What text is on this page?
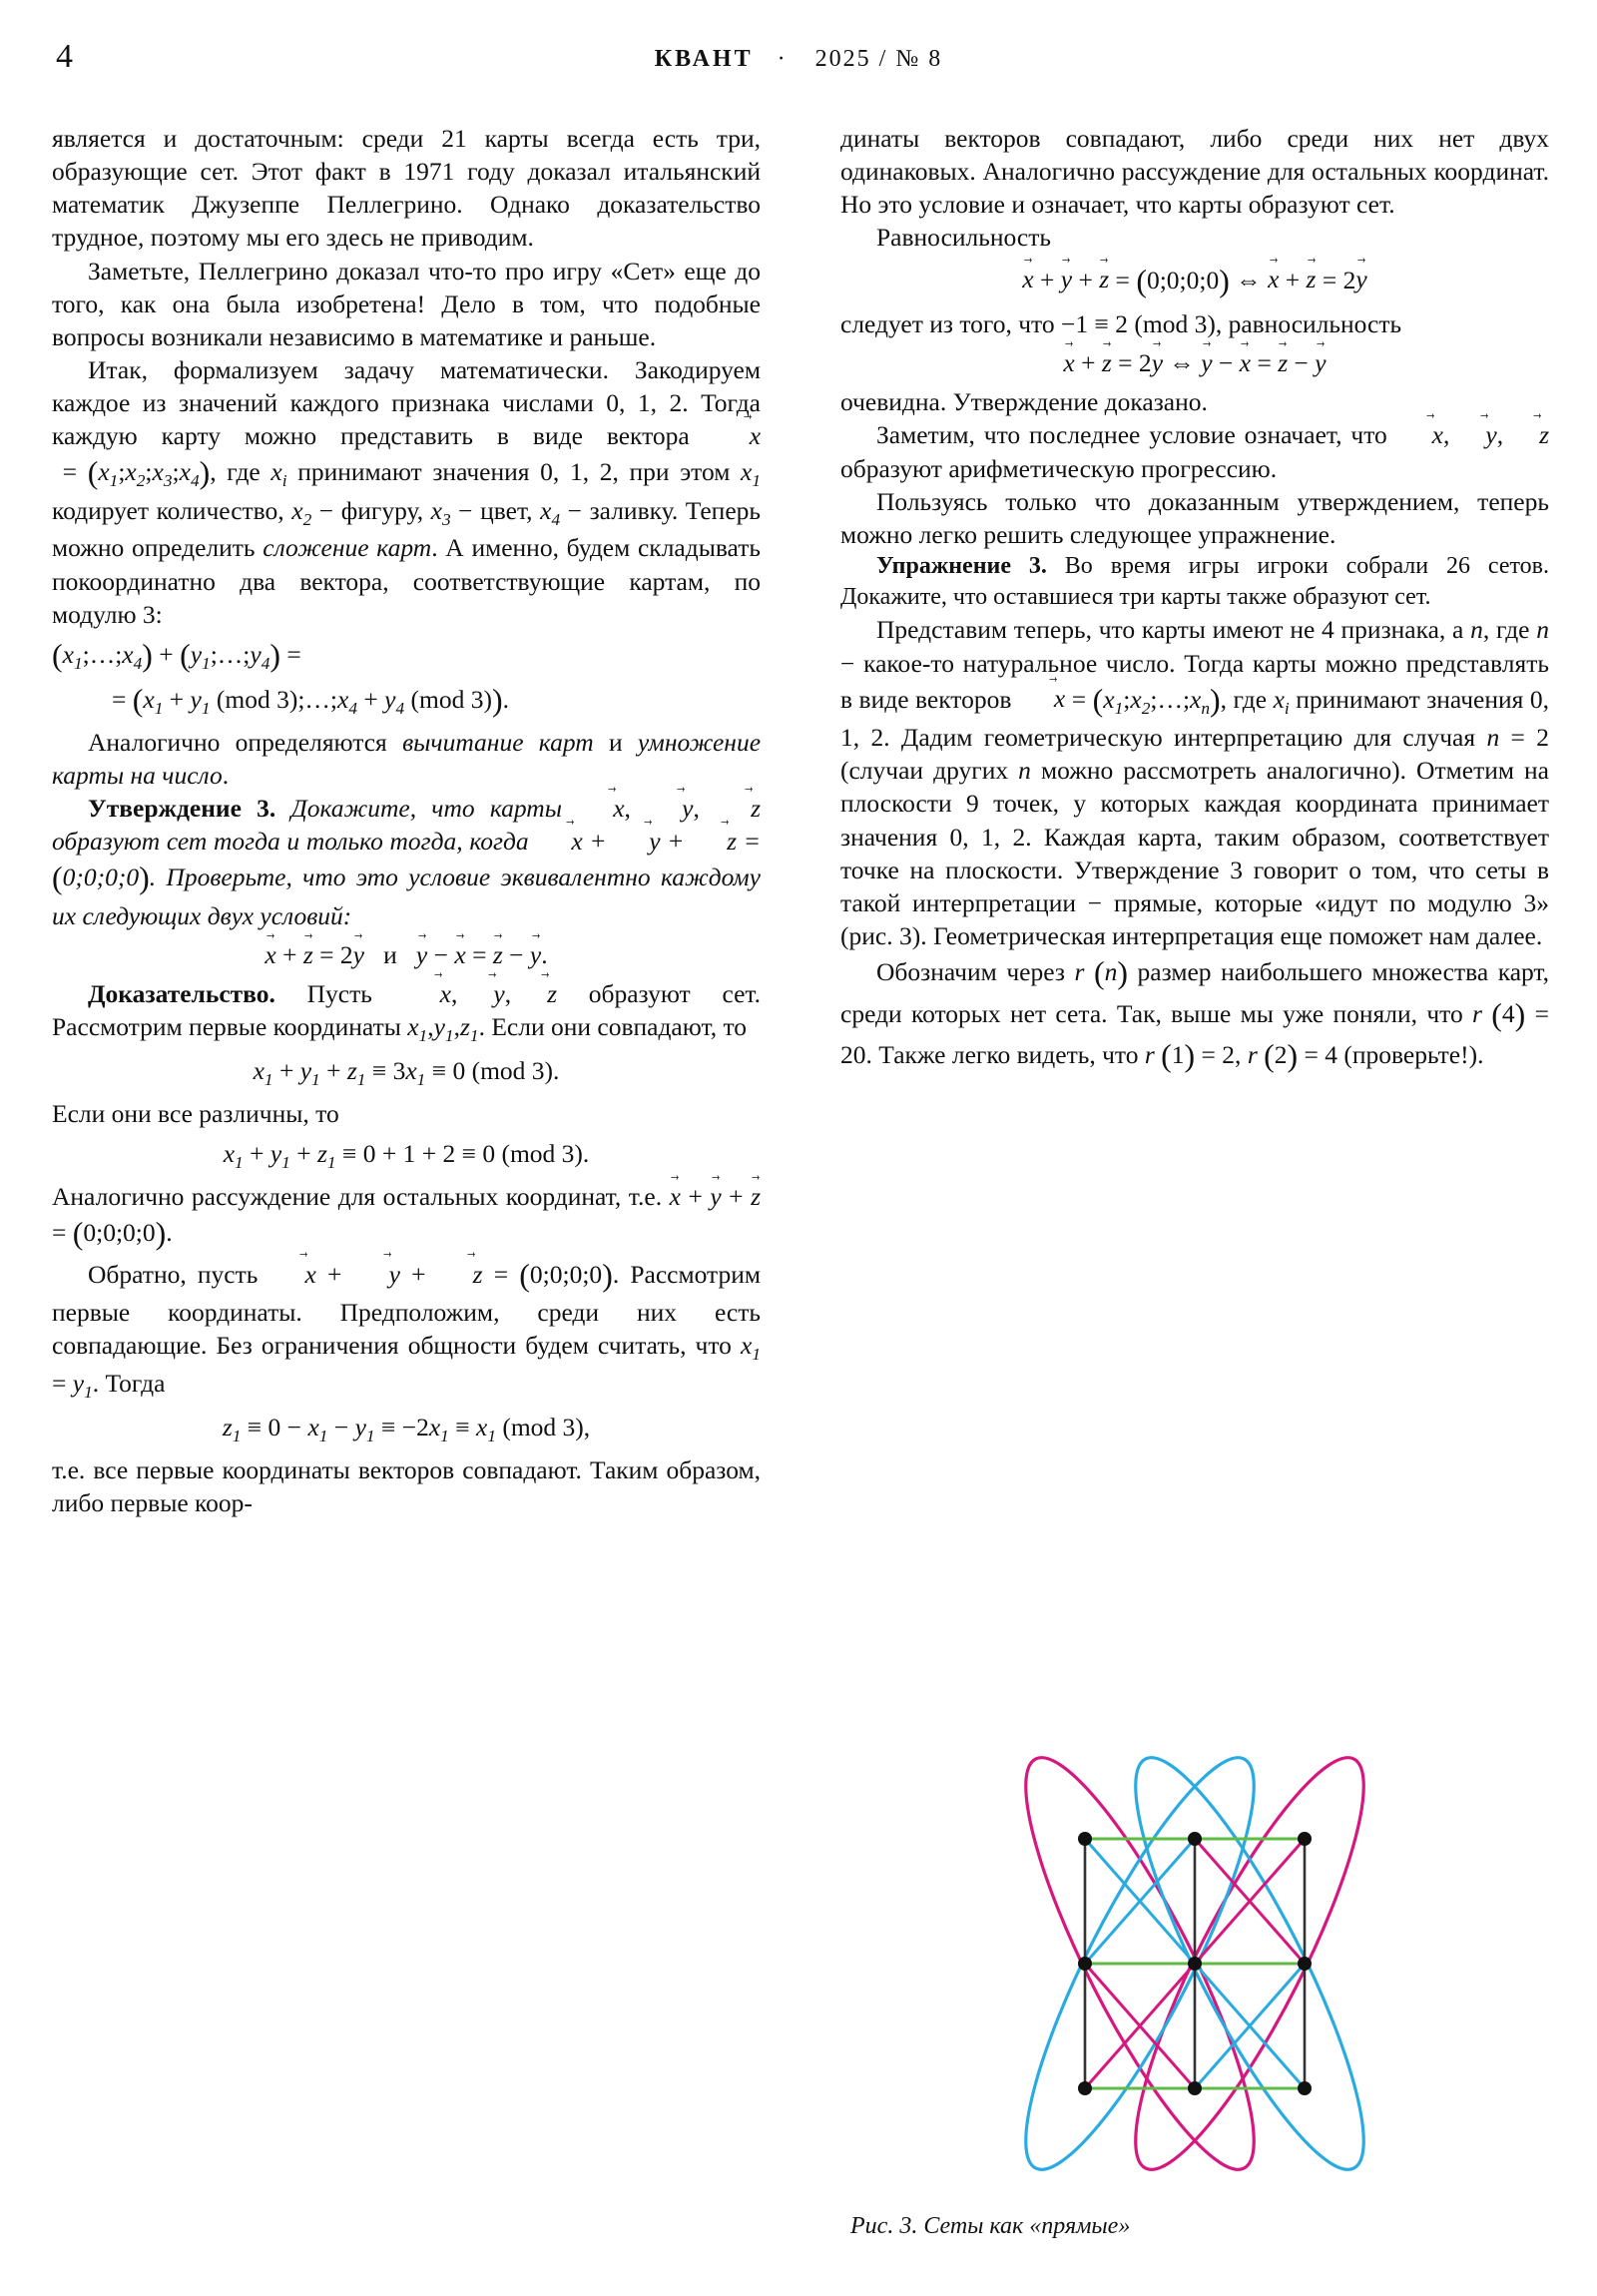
4	КВАНТ · 2025 / № 8

является и достаточным: среди 21 карты всегда есть три, образующие сет. Этот факт в 1971 году доказал итальянский математик Джузеппе Пеллегрино. Однако доказательство трудное, поэтому мы его здесь не приводим.

Заметьте, Пеллегрино доказал что-то про игру «Сет» еще до того, как она была изобретена! Дело в том, что подобные вопросы возникали независимо в математике и раньше.

Итак, формализуем задачу математически. Закодируем каждое из значений каждого признака числами 0, 1, 2. Тогда каждую карту можно представить в виде вектора x → = $(x_1;x_2;x_3;x_4)$, где $x_i$ принимают значения 0, 1, 2, при этом $x_1$ кодирует количество, $x_2$ − фигуру, $x_3$ − цвет, $x_4$ − заливку. Теперь можно определить сложение карт. А именно, будем складывать покоординатно два вектора, соответствующие картам, по модулю 3:

$(x_1;\dots;x_4)$ + $(y_1;\dots;y_4)$ =
= ($x_1 + y_1$ (mod $3);\dots;x_4 + y_4$ (mod 3)).

Аналогично определяются вычитание карт и умножение карты на число.

Утверждение 3. Докажите, что карты x →, y →, z → образуют сет тогда и только тогда, когда x → + y → + z → = (0;0;0;0). Проверьте, что это условие эквивалентно каждому их следующих двух условий:

x → + z → = 2y →   и   y → − x → = z → − y →.

Доказательство. Пусть	x →, y →, z → образуют сет. Рассмотрим первые координаты $x_1,y_1,z_1$. Если они совпадают, то

$x_1 + y_1 + z_1 \equiv 3x_1 \equiv 0$ (mod 3).

Если они все различны, то

$x_1 + y_1 + z_1 \equiv 0 + 1 + 2 \equiv 0$ (mod 3).

Аналогично рассуждение для остальных координат, т.е. x → + y → + z → = (0;0;0;0).

Обратно, пусть x → + y → + z → = (0;0;0;0). Рассмотрим первые координаты. Предположим, среди них есть совпадающие. Без ограничения общности будем считать, что $x_1 = y_1$. Тогда

$z_1 \equiv 0 - x_1 - y_1 \equiv -2x_1 \equiv x_1$ (mod 3),

т.е. все первые координаты векторов совпадают. Таким образом, либо первые коор-

динаты векторов совпадают, либо среди них нет двух одинаковых. Аналогично рассуждение для остальных координат. Но это условие и означает, что карты образуют сет.

Равносильность

x → + y → + z → = (0;0;0;0) ⇔ x → + z → = 2y →

следует из того, что −1 ≡ 2 (mod 3), равносильность

x → + z → = 2y → ⇔ y → − x → = z → − y →

очевидна. Утверждение доказано.

Заметим, что последнее условие означает, что x →, y →, z → образуют арифметическую прогрессию.

Пользуясь только что доказанным утверждением, теперь можно легко решить следующее упражнение.

Упражнение 3. Во время игры игроки собрали 26 сетов. Докажите, что оставшиеся три карты также образуют сет.

Представим теперь, что карты имеют не 4 признака, а n, где n − какое-то натуральное число. Тогда карты можно представлять в виде векторов x → = $(x_1;x_2;\dots;x_n)$, где $x_i$ принимают значения 0, 1, 2. Дадим геометрическую интерпретацию для случая n = 2 (случаи других n можно рассмотреть аналогично). Отметим на плоскости 9 точек, у которых каждая координата принимает значения 0, 1, 2. Каждая карта, таким образом, соответствует точке на плоскости. Утверждение 3 говорит о том, что сеты в такой интерпретации − прямые, которые «идут по модулю 3» (рис. 3). Геометрическая интерпретация еще поможет нам далее.

Обозначим через r (n) размер наибольшего множества карт, среди которых нет сета. Так, выше мы уже поняли, что r (4) = 20. Также легко видеть, что r (1) = 2, r (2) = 4 (проверьте!).

Рис. 3. Сеты как «прямые»
